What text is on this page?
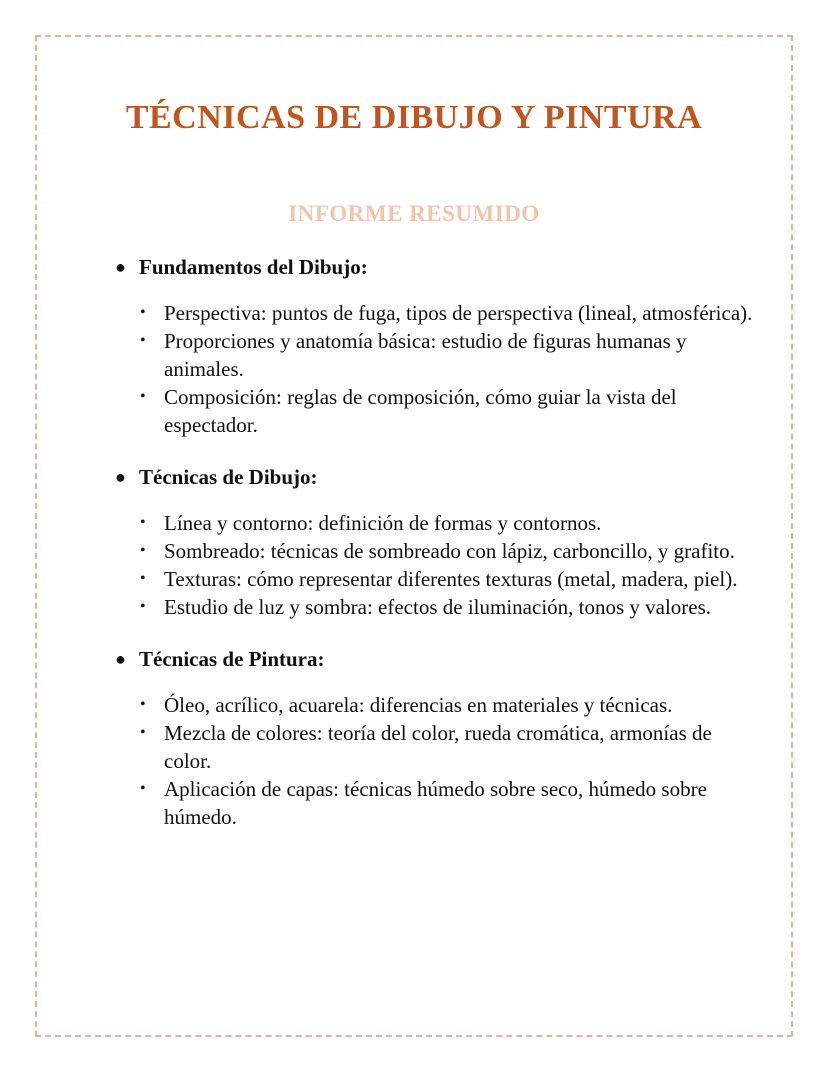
TÉCNICAS DE DIBUJO Y PINTURA
INFORME RESUMIDO
● Fundamentos del Dibujo:
• Perspectiva: puntos de fuga, tipos de perspectiva (lineal, atmosférica).
• Proporciones y anatomía básica: estudio de figuras humanas y animales.
• Composición: reglas de composición, cómo guiar la vista del espectador.
● Técnicas de Dibujo:
• Línea y contorno: definición de formas y contornos.
• Sombreado: técnicas de sombreado con lápiz, carboncillo, y grafito.
• Texturas: cómo representar diferentes texturas (metal, madera, piel).
• Estudio de luz y sombra: efectos de iluminación, tonos y valores.
● Técnicas de Pintura:
• Óleo, acrílico, acuarela: diferencias en materiales y técnicas.
• Mezcla de colores: teoría del color, rueda cromática, armonías de color.
• Aplicación de capas: técnicas húmedo sobre seco, húmedo sobre húmedo.
